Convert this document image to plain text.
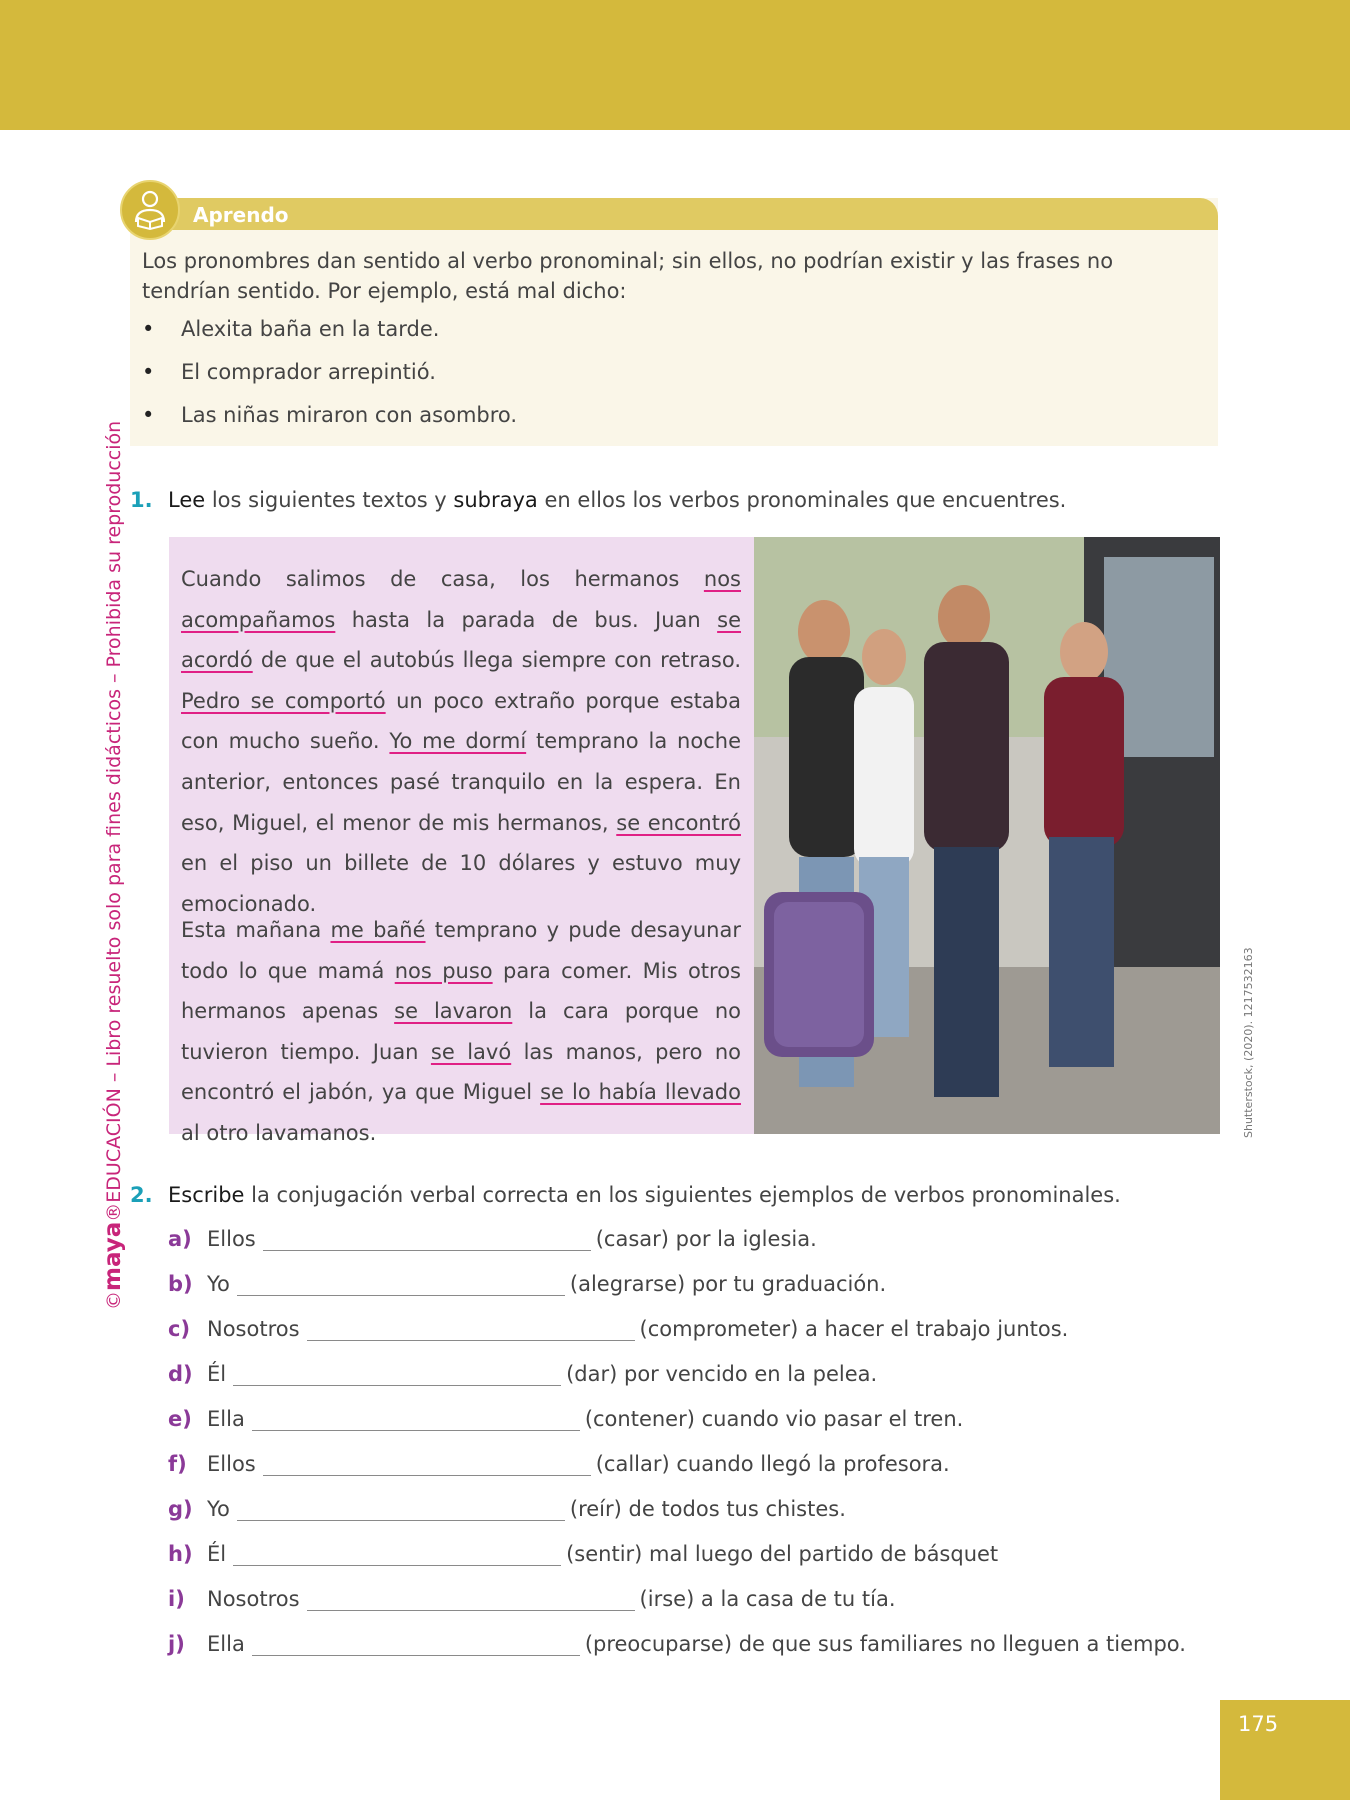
©maya®EDUCACIÓN – Libro resuelto solo para fines didácticos – Prohibida su reproducción
Aprendo
Los pronombres dan sentido al verbo pronominal; sin ellos, no podrían existir y las frases no tendrían sentido. Por ejemplo, está mal dicho:
• Alexita baña en la tarde.
• El comprador arrepintió.
• Las niñas miraron con asombro.
1. Lee los siguientes textos y subraya en ellos los verbos pronominales que encuentres.
Cuando salimos de casa, los hermanos nos acompañamos hasta la parada de bus. Juan se acordó de que el autobús llega siempre con retraso. Pedro se comportó un poco extraño porque estaba con mucho sueño. Yo me dormí temprano la noche anterior, entonces pasé tranquilo en la espera. En eso, Miguel, el menor de mis hermanos, se encontró en el piso un billete de 10 dólares y estuvo muy emocionado.
Esta mañana me bañé temprano y pude desayunar todo lo que mamá nos puso para comer. Mis otros hermanos apenas se lavaron la cara porque no tuvieron tiempo. Juan se lavó las manos, pero no encontró el jabón, ya que Miguel se lo había llevado al otro lavamanos.	Shutterstock, (2020). 1217532163
2. Escribe la conjugación verbal correcta en los siguientes ejemplos de verbos pronominales.
a) Ellos	(casar) por la iglesia.
b) Yo	(alegrarse) por tu graduación.
c) Nosotros	(comprometer) a hacer el trabajo juntos.
d) Él	(dar) por vencido en la pelea.
e) Ella	(contener) cuando vio pasar el tren.
f) Ellos	(callar) cuando llegó la profesora.
g) Yo	(reír) de todos tus chistes.
h) Él	(sentir) mal luego del partido de básquet
i) Nosotros	(irse) a la casa de tu tía.
j) Ella	(preocuparse) de que sus familiares no lleguen a tiempo.
175
